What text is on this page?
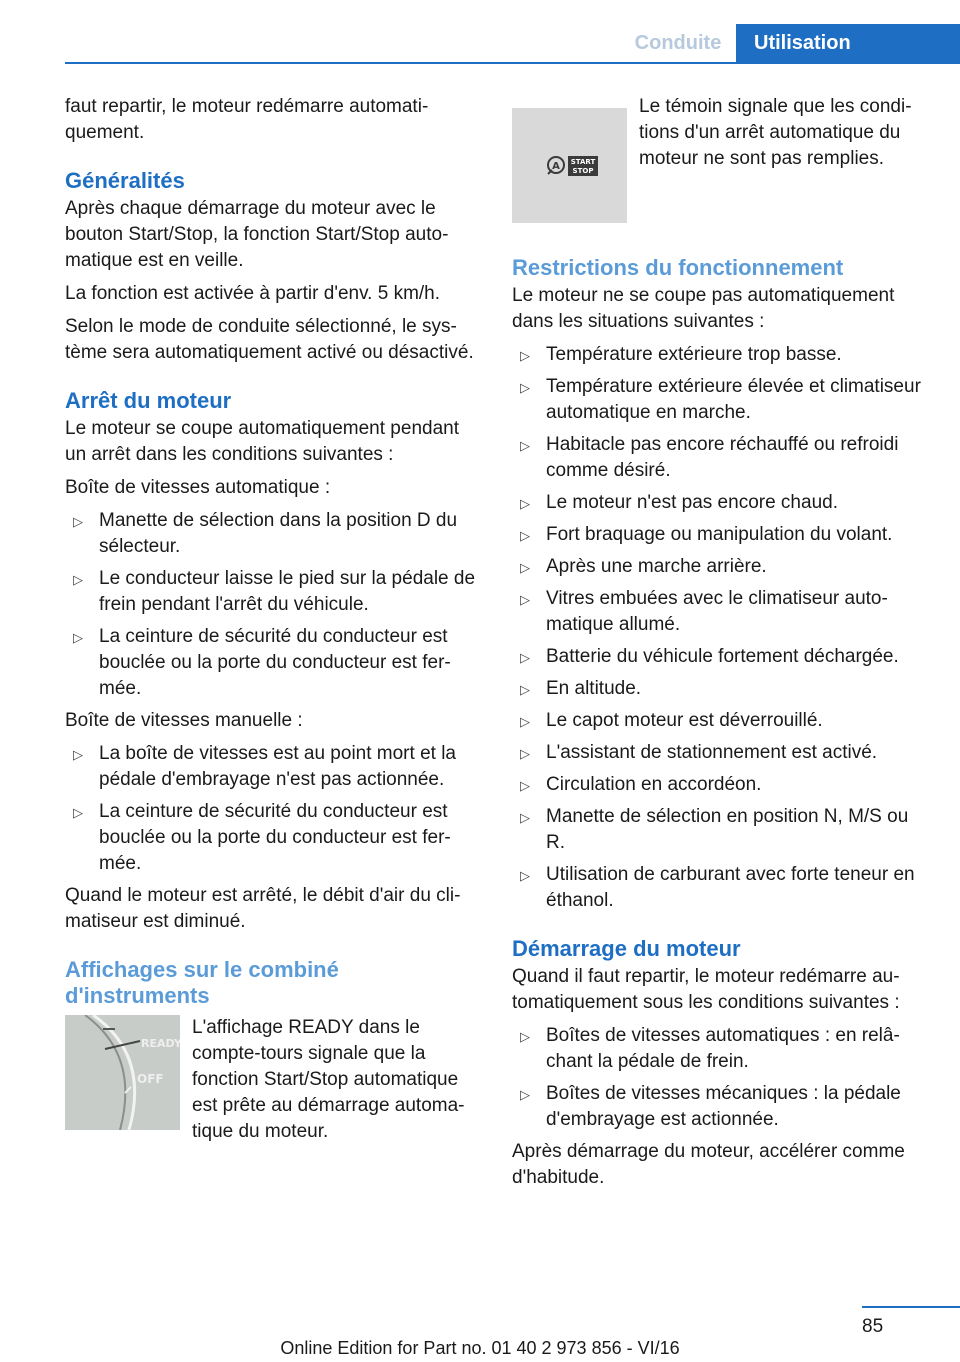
Conduite	Utilisation

faut repartir, le moteur redémarre automatiquement.

Généralités

Après chaque démarrage du moteur avec le bouton Start/Stop, la fonction Start/Stop automatique est en veille.

La fonction est activée à partir d'env. 5 km/h.

Selon le mode de conduite sélectionné, le système sera automatiquement activé ou désactivé.

Arrêt du moteur

Le moteur se coupe automatiquement pendant un arrêt dans les conditions suivantes :

Boîte de vitesses automatique :

▷ Manette de sélection dans la position D du sélecteur.
▷ Le conducteur laisse le pied sur la pédale de frein pendant l'arrêt du véhicule.
▷ La ceinture de sécurité du conducteur est bouclée ou la porte du conducteur est fermée.

Boîte de vitesses manuelle :

▷ La boîte de vitesses est au point mort et la pédale d'embrayage n'est pas actionnée.
▷ La ceinture de sécurité du conducteur est bouclée ou la porte du conducteur est fermée.

Quand le moteur est arrêté, le débit d'air du climatiseur est diminué.

Affichages sur le combiné d'instruments
READY
OFF
L'affichage READY dans le compte-tours signale que la fonction Start/Stop automatique est prête au démarrage automatique du moteur.
A START
STOP
Le témoin signale que les conditions d'un arrêt automatique du moteur ne sont pas remplies.
Restrictions du fonctionnement

Le moteur ne se coupe pas automatiquement dans les situations suivantes :

▷ Température extérieure trop basse.
▷ Température extérieure élevée et climatiseur automatique en marche.
▷ Habitacle pas encore réchauffé ou refroidi comme désiré.
▷ Le moteur n'est pas encore chaud.
▷ Fort braquage ou manipulation du volant.
▷ Après une marche arrière.
▷ Vitres embuées avec le climatiseur automatique allumé.
▷ Batterie du véhicule fortement déchargée.
▷ En altitude.
▷ Le capot moteur est déverrouillé.
▷ L'assistant de stationnement est activé.
▷ Circulation en accordéon.
▷ Manette de sélection en position N, M/S ou R.
▷ Utilisation de carburant avec forte teneur en éthanol.
Démarrage du moteur

Quand il faut repartir, le moteur redémarre automatiquement sous les conditions suivantes :

▷ Boîtes de vitesses automatiques : en relâchant la pédale de frein.
▷ Boîtes de vitesses mécaniques : la pédale d'embrayage est actionnée.

Après démarrage du moteur, accélérer comme d'habitude.

85
Online Edition for Part no. 01 40 2 973 856 - VI/16
